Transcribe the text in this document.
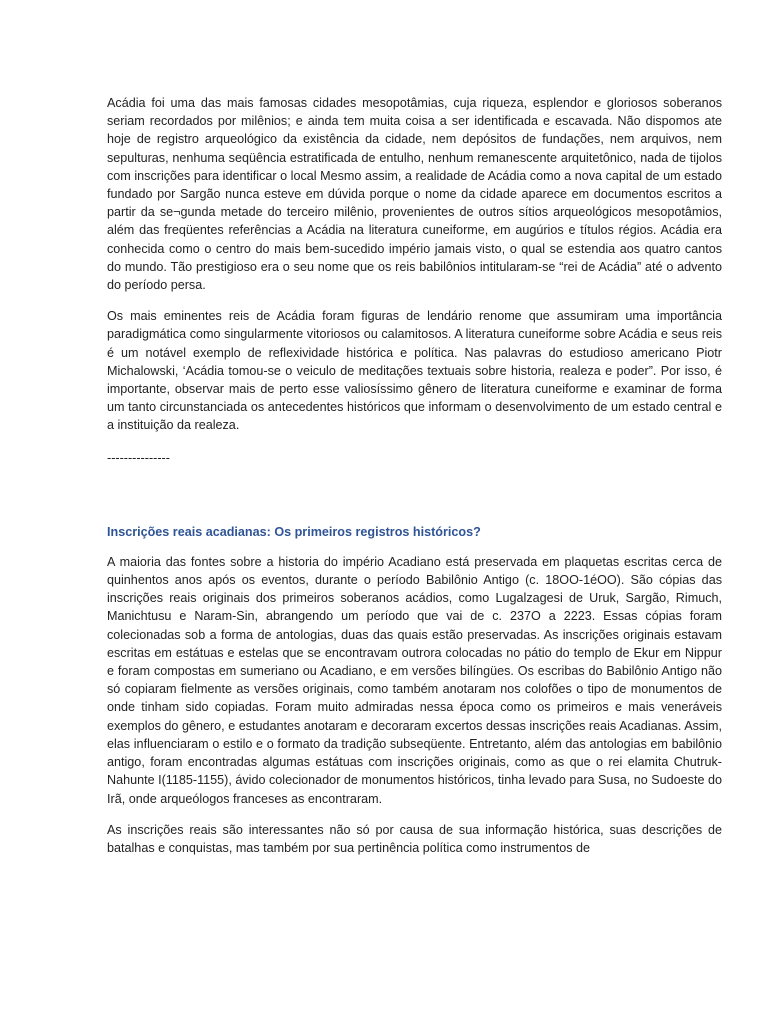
Acádia foi uma das mais famosas cidades mesopotâmias, cuja riqueza, esplendor e gloriosos soberanos seriam recordados por milênios; e ainda tem muita coisa a ser identificada e escavada. Não dispomos ate hoje de registro arqueológico da existência da cidade, nem depósitos de fundações, nem arquivos, nem sepulturas, nenhuma seqüência estratificada de entulho, nenhum remanescente arquitetônico, nada de tijolos com inscrições para identificar o local Mesmo assim, a realidade de Acádia como a nova capital de um estado fundado por Sargão nunca esteve em dúvida porque o nome da cidade aparece em documentos escritos a partir da se¬gunda metade do terceiro milênio, provenientes de outros sítios arqueológicos mesopotâmios, além das freqüentes referências a Acádia na literatura cuneiforme, em augúrios e títulos régios. Acádia era conhecida como o centro do mais bem-sucedido império jamais visto, o qual se estendia aos quatro cantos do mundo. Tão prestigioso era o seu nome que os reis babilônios intitularam-se “rei de Acádia” até o advento do período persa.

Os mais eminentes reis de Acádia foram figuras de lendário renome que assumiram uma importância paradigmática como singularmente vitoriosos ou calamitosos. A literatura cuneiforme sobre Acádia e seus reis é um notável exemplo de reflexividade histórica e política. Nas palavras do estudioso americano Piotr Michalowski, ‘Acádia tomou-se o veiculo de meditações textuais sobre historia, realeza e poder”. Por isso, é importante, observar mais de perto esse valiosíssimo gênero de literatura cuneiforme e examinar de forma um tanto circunstanciada os antecedentes históricos que informam o desenvolvimento de um estado central e a instituição da realeza.

---------------
Inscrições reais acadianas: Os primeiros registros históricos?

A maioria das fontes sobre a historia do império Acadiano está preservada em plaquetas escritas cerca de quinhentos anos após os eventos, durante o período Babilônio Antigo (c. 18OO-1éOO). São cópias das inscrições reais originais dos primeiros soberanos acádios, como Lugalzagesi de Uruk, Sargão, Rimuch, Manichtusu e Naram-Sin, abrangendo um período que vai de c. 237O a 2223. Essas cópias foram colecionadas sob a forma de antologias, duas das quais estão preservadas. As inscrições originais estavam escritas em estátuas e estelas que se encontravam outrora colocadas no pátio do templo de Ekur em Nippur e foram compostas em sumeriano ou Acadiano, e em versões bilíngües. Os escribas do Babilônio Antigo não só copiaram fielmente as versões originais, como também anotaram nos colofões o tipo de monumentos de onde tinham sido copiadas. Foram muito admiradas nessa época como os primeiros e mais veneráveis exemplos do gênero, e estudantes anotaram e decoraram excertos dessas inscrições reais Acadianas. Assim, elas influenciaram o estilo e o formato da tradição subseqüente. Entretanto, além das antologias em babilônio antigo, foram encontradas algumas estátuas com inscrições originais, como as que o rei elamita Chutruk-Nahunte I(1185-1155), ávido colecionador de monumentos históricos, tinha levado para Susa, no Sudoeste do Irã, onde arqueólogos franceses as encontraram.

As inscrições reais são interessantes não só por causa de sua informação histórica, suas descrições de batalhas e conquistas, mas também por sua pertinência política como instrumentos de
